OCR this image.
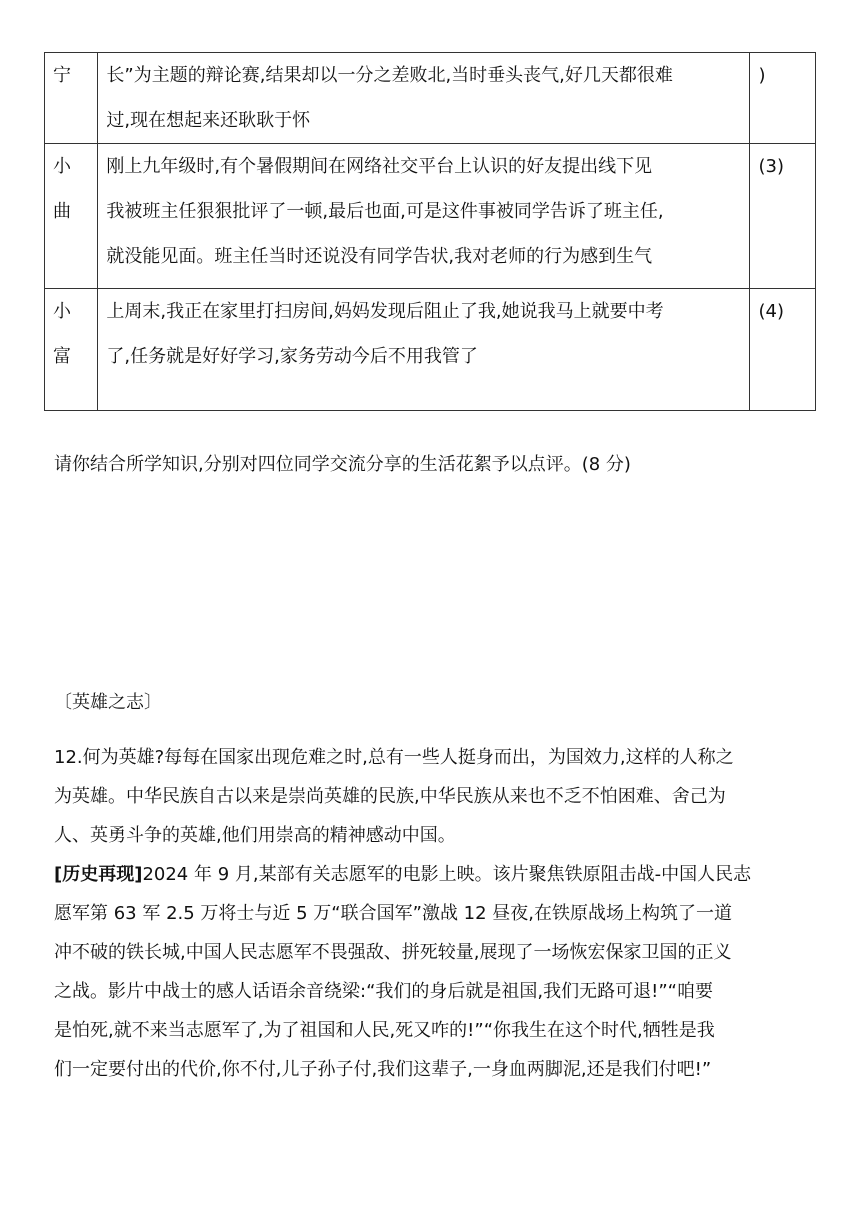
宁	长”为主题的辩论赛,结果却以一分之差败北,当时垂头丧气,好几天都很难
过,现在想起来还耿耿于怀	)

小
曲	刚上九年级时,有个暑假期间在网络社交平台上认识的好友提出线下见
我被班主任狠狠批评了一顿,最后也面,可是这件事被同学告诉了班主任,
就没能见面。班主任当时还说没有同学告状,我对老师的行为感到生气	(3)

小
富	上周末,我正在家里打扫房间,妈妈发现后阻止了我,她说我马上就要中考
了,任务就是好好学习,家务劳动今后不用我管了	(4)
请你结合所学知识,分别对四位同学交流分享的生活花絮予以点评。(8 分)
〔英雄之志〕
12.何为英雄?每每在国家出现危难之时,总有一些人挺身而出，为国效力,这样的人称之
为英雄。中华民族自古以来是崇尚英雄的民族,中华民族从来也不乏不怕困难、舍己为
人、英勇斗争的英雄,他们用崇高的精神感动中国。
[历史再现]2024 年 9 月,某部有关志愿军的电影上映。该片聚焦铁原阻击战-中国人民志
愿军第 63 军 2.5 万将士与近 5 万“联合国军”激战 12 昼夜,在铁原战场上构筑了一道
冲不破的铁长城,中国人民志愿军不畏强敌、拼死较量,展现了一场恢宏保家卫国的正义
之战。影片中战士的感人话语余音绕梁:“我们的身后就是祖国,我们无路可退!”“咱要
是怕死,就不来当志愿军了,为了祖国和人民,死又咋的!”“你我生在这个时代,牺牲是我
们一定要付出的代价,你不付,儿子孙子付,我们这辈子,一身血两脚泥,还是我们付吧!”
